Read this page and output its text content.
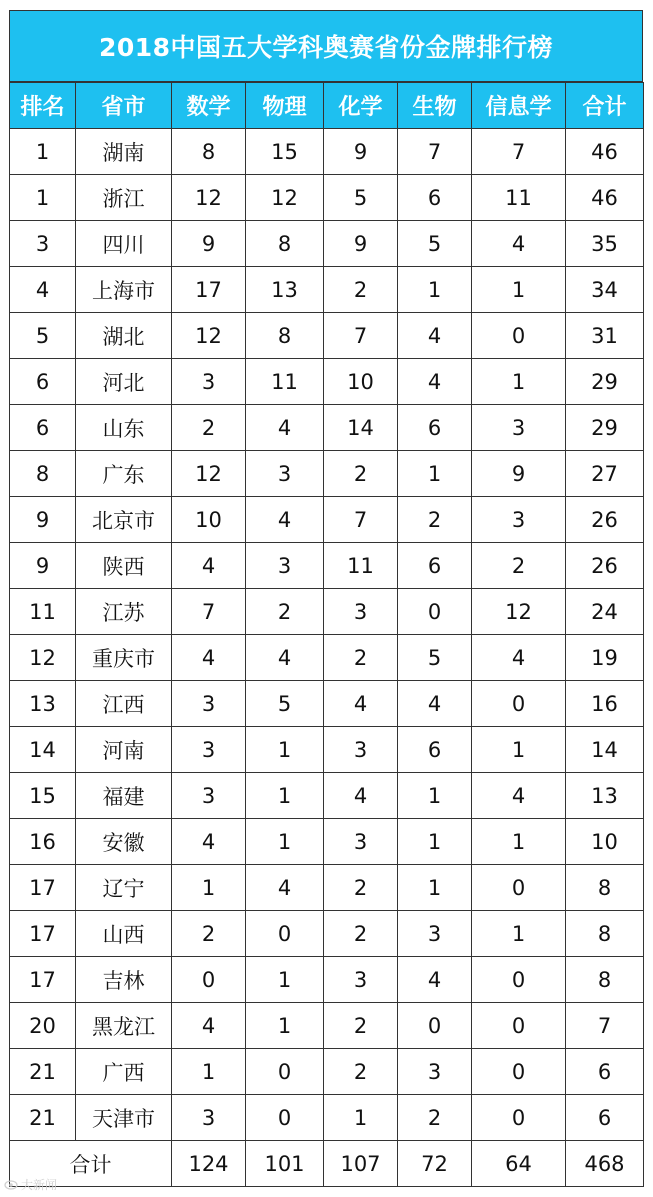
2018中国五大学科奥赛省份金牌排行榜
排名	省市	数学	物理	化学	生物	信息学	合计
1	湖南	8	15	9	7	7	46
1	浙江	12	12	5	6	11	46
3	四川	9	8	9	5	4	35
4	上海市	17	13	2	1	1	34
5	湖北	12	8	7	4	0	31
6	河北	3	11	10	4	1	29
6	山东	2	4	14	6	3	29
8	广东	12	3	2	1	9	27
9	北京市	10	4	7	2	3	26
9	陕西	4	3	11	6	2	26
11	江苏	7	2	3	0	12	24
12	重庆市	4	4	2	5	4	19
13	江西	3	5	4	4	0	16
14	河南	3	1	3	6	1	14
15	福建	3	1	4	1	4	13
16	安徽	4	1	3	1	1	10
17	辽宁	1	4	2	1	0	8
17	山西	2	0	2	3	1	8
17	吉林	0	1	3	4	0	8
20	黑龙江	4	1	2	0	0	7
21	广西	1	0	2	3	0	6
21	天津市	3	0	1	2	0	6
合计		124	101	107	72	64	468
大新闻
